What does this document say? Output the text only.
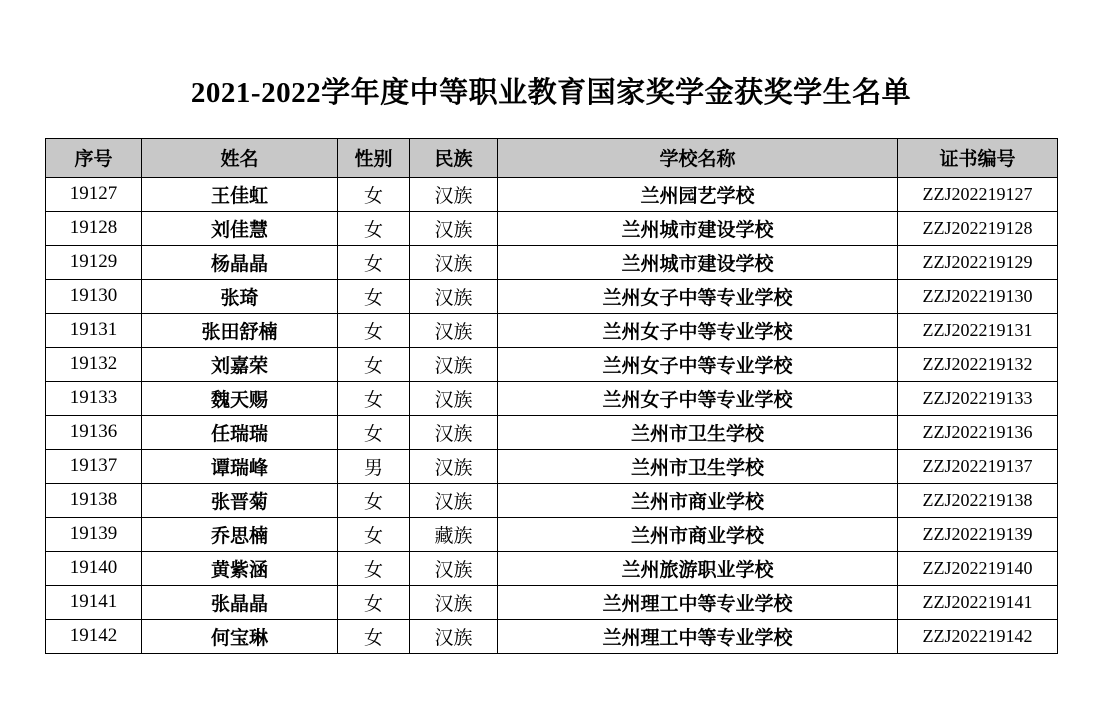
2021-2022学年度中等职业教育国家奖学金获奖学生名单
序号	姓名	性别	民族	学校名称	证书编号
19127	王佳虹	女	汉族	兰州园艺学校	ZZJ202219127
19128	刘佳慧	女	汉族	兰州城市建设学校	ZZJ202219128
19129	杨晶晶	女	汉族	兰州城市建设学校	ZZJ202219129
19130	张琦	女	汉族	兰州女子中等专业学校	ZZJ202219130
19131	张田舒楠	女	汉族	兰州女子中等专业学校	ZZJ202219131
19132	刘嘉荣	女	汉族	兰州女子中等专业学校	ZZJ202219132
19133	魏天赐	女	汉族	兰州女子中等专业学校	ZZJ202219133
19136	任瑞瑞	女	汉族	兰州市卫生学校	ZZJ202219136
19137	谭瑞峰	男	汉族	兰州市卫生学校	ZZJ202219137
19138	张晋菊	女	汉族	兰州市商业学校	ZZJ202219138
19139	乔思楠	女	藏族	兰州市商业学校	ZZJ202219139
19140	黄紫涵	女	汉族	兰州旅游职业学校	ZZJ202219140
19141	张晶晶	女	汉族	兰州理工中等专业学校	ZZJ202219141
19142	何宝琳	女	汉族	兰州理工中等专业学校	ZZJ202219142
